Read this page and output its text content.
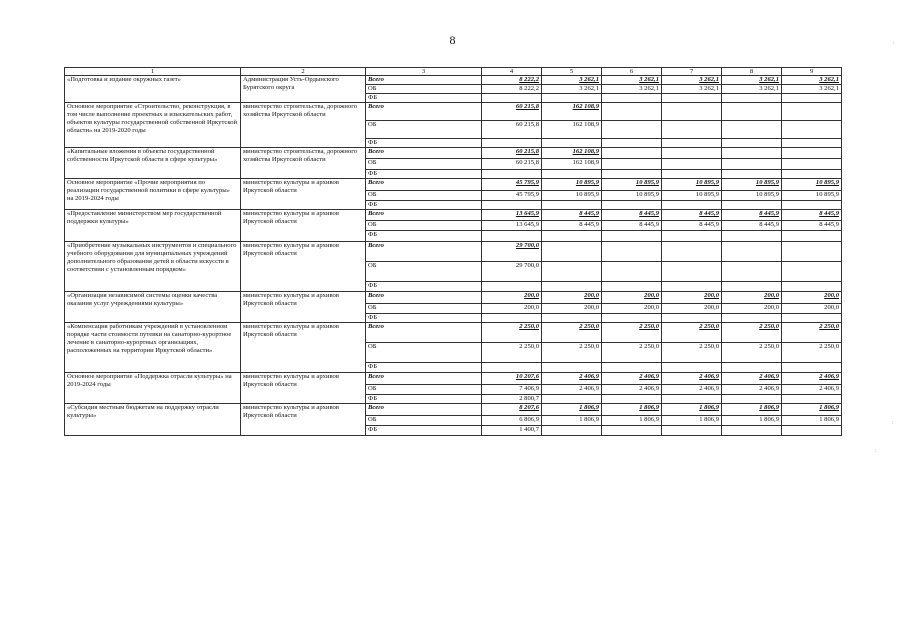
8
1	2	3	4	5	6	7	8	9
«Подготовка и издание окружных газет»	Администрация Усть-Ордынского Бурятского округа	Всего	8 222,2	3 262,1	3 262,1	3 262,1	3 262,1	3 262,1
		ОБ	8 222,2	3 262,1	3 262,1	3 262,1	3 262,1	3 262,1
		ФБ						
Основное мероприятие «Строительство, реконструкция, в том числе выполнение проектных и изыскательских работ, объектов культуры государственной собственной Иркутской области» на 2019-2020 годы	министерство строительства, дорожного хозяйства Иркутской области	Всего	60 215,8	162 108,9				
		ОБ	60 215,8	162 108,9				
		ФБ						
«Капитальные вложения в объекты государственной собственности Иркутской области в сфере культуры»	министерство строительства, дорожного хозяйства Иркутской области	Всего	60 215,8	162 108,9				
		ОБ	60 215,8	162 108,9				
		ФБ						
Основное мероприятие «Прочие мероприятия по реализации государственной политики в сфере культуры» на 2019-2024 годы	министерство культуры и архивов Иркутской области	Всего	45 795,9	10 895,9	10 895,9	10 895,9	10 895,9	10 895,9
		ОБ	45 795,9	10 895,9	10 895,9	10 895,9	10 895,9	10 895,9
		ФБ						
«Предоставление министерством мер государственной поддержки культуры»	министерство культуры и архивов Иркутской области	Всего	13 645,9	8 445,9	8 445,9	8 445,9	8 445,9	8 445,9
		ОБ	13 645,9	8 445,9	8 445,9	8 445,9	8 445,9	8 445,9
		ФБ						
«Приобретение музыкальных инструментов и специального учебного оборудования для муниципальных учреждений дополнительного образования детей в области искусств в соответствии с установленным порядком»	министерство культуры и архивов Иркутской области	Всего	29 700,0					
		ОБ	29 700,0					
		ФБ						
«Организация независимой системы оценки качества оказания услуг учреждениями культуры»	министерство культуры и архивов Иркутской области	Всего	200,0	200,0	200,0	200,0	200,0	200,0
		ОБ	200,0	200,0	200,0	200,0	200,0	200,0
		ФБ						
«Компенсация работникам учреждений в установленном порядке части стоимости путевки на санаторно-курортное лечение в санаторно-курортных организациях, расположенных на территории Иркутской области»	министерство культуры и архивов Иркутской области	Всего	2 250,0	2 250,0	2 250,0	2 250,0	2 250,0	2 250,0
		ОБ	2 250,0	2 250,0	2 250,0	2 250,0	2 250,0	2 250,0
		ФБ						
Основное мероприятие «Поддержка отрасли культуры» на 2019-2024 годы	министерство культуры и архивов Иркутской области	Всего	10 207,6	2 406,9	2 406,9	2 406,9	2 406,9	2 406,9
		ОБ	7 406,9	2 406,9	2 406,9	2 406,9	2 406,9	2 406,9
		ФБ	2 800,7					
«Субсидия местным бюджетам на поддержку отрасли культуры»	министерство культуры и архивов Иркутской области	Всего	8 207,6	1 806,9	1 806,9	1 806,9	1 806,9	1 806,9
		ОБ	6 806,9	1 806,9	1 806,9	1 806,9	1 806,9	1 806,9
		ФБ	1 400,7					
:
:
:
